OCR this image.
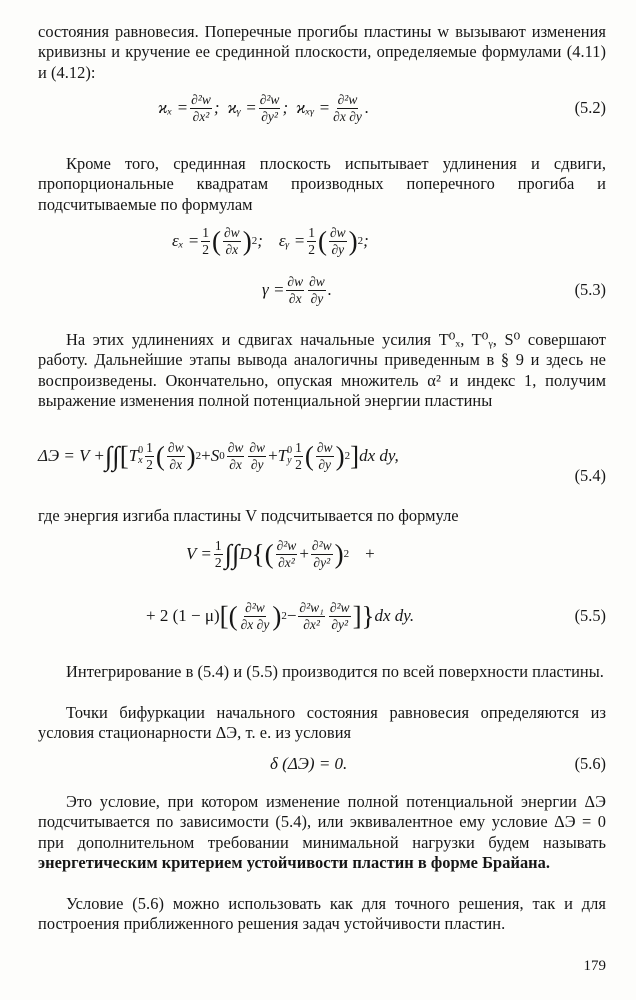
состояния равновесия. Поперечные прогибы пластины w вызывают изменения кривизны и кручение ее срединной плоскости, определяемые формулами (4.11) и (4.12):
$ϰ_x = \frac{\text{∂²w}}{\text{∂x²}}$ ; ϰᵧ = $\frac{\text{∂²w}}{\text{∂y²}}$ ; ϰₓᵧ = $\frac{\text{∂²w}}{\partial x \partial y}$ .	(5.2)
Кроме того, срединная плоскость испытывает удлинения и сдвиги, пропорциональные квадратам производных поперечного прогиба и подсчитываемые по формулам
$\varepsilon_x = \frac{1}{2}$ ( $\frac{\partial w}{\partial x}$ ) 2 ; εᵧ = $\frac{1}{2}$ ( $\frac{\partial w}{\partial y}$ ) 2 ;
$\gamma = \frac{\partial w}{\partial x} \frac{\partial w}{\partial y}$ .	(5.3)
На этих удлинениях и сдвигах начальные усилия T⁰ₓ, T⁰ᵧ, S⁰ совершают работу. Дальнейшие этапы вывода аналогичны приведенным в § 9 и здесь не воспроизведены. Окончательно, опуская множитель α² и индекс 1, получим выражение изменения полной потенциальной энергии пластины
ΔЭ = V + ∫∫ [ T 0
x $\frac{1}{2}$ ( $\frac{\partial w}{\partial x}$ ) 2 + S $0 \frac{\partial w}{\partial x} \frac{\partial w}{\partial y} + T$ 0
y $\frac{1}{2}$ ( $\frac{\partial w}{\partial y}$ ) 2 ] dx dy,
(5.4)
где энергия изгиба пластины V подсчитывается по формуле
$V = \frac{1}{2}$ ∫∫ D {( $\frac{\text{∂²w}}{\text{∂x²}} + \frac{\text{∂²w}}{\text{∂y²}}$ ) 2 +
+ 2 (1 − μ) [( $\frac{\text{∂²w}}{\partial x \partial y}$ ) $2 - \frac{\text{∂²w₁}}{\text{∂x²}} \frac{\text{∂²w}}{\text{∂y²}}$ ]} dx dy.	(5.5)
Интегрирование в (5.4) и (5.5) производится по всей поверхности пластины.
Точки бифуркации начального состояния равновесия определяются из условия стационарности ΔЭ, т. е. из условия
δ (ΔЭ) = 0.	(5.6)
Это условие, при котором изменение полной потенциальной энергии ΔЭ подсчитывается по зависимости (5.4), или эквивалентное ему условие ΔЭ = 0 при дополнительном требовании минимальной нагрузки будем называть энергетическим критерием устойчивости пластин в форме Брайана.
Условие (5.6) можно использовать как для точного решения, так и для построения приближенного решения задач устойчивости пластин.
179
